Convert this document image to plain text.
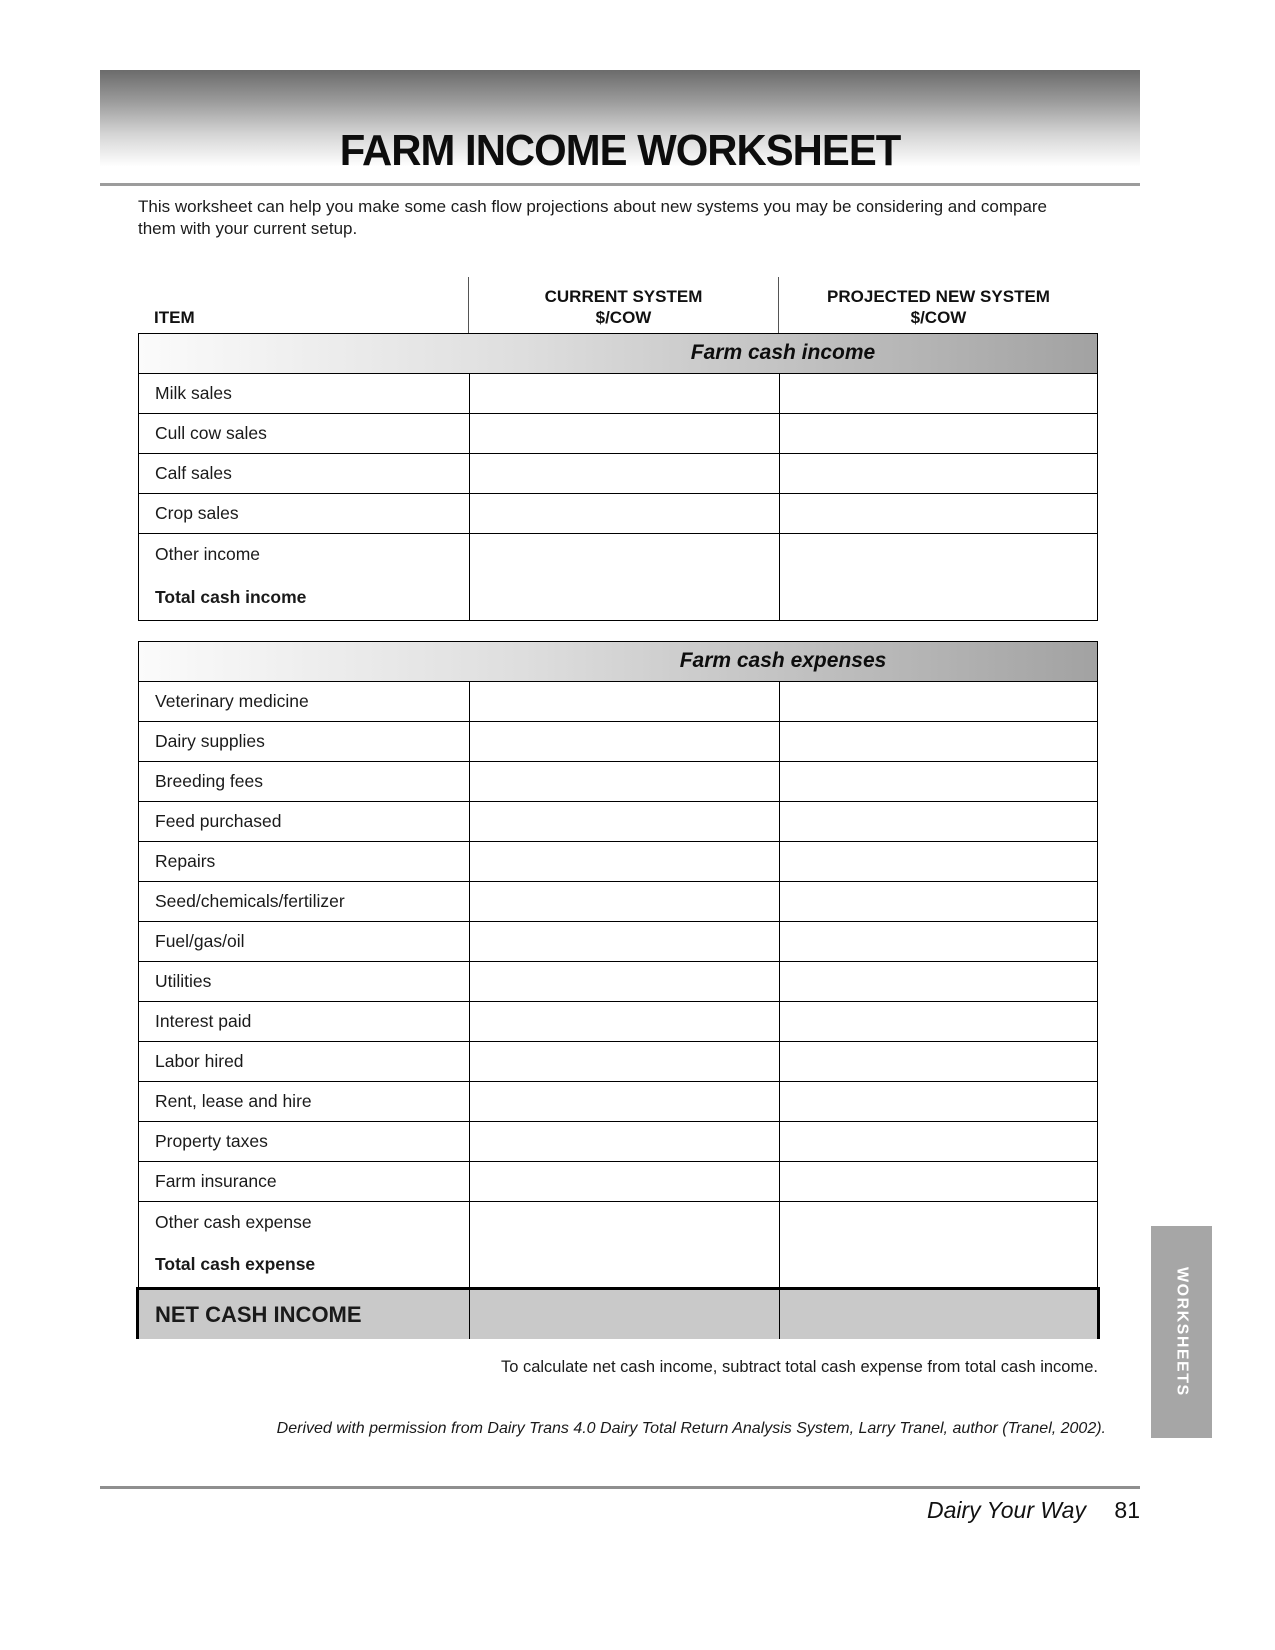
FARM INCOME WORKSHEET

This worksheet can help you make some cash flow projections about new systems you may be considering and compare them with your current setup.

ITEM
CURRENT SYSTEM
$/COW
PROJECTED NEW SYSTEM
$/COW
Farm cash income
Milk sales
Cull cow sales
Calf sales
Crop sales
Other income
Total cash income
Farm cash expenses
Veterinary medicine
Dairy supplies
Breeding fees
Feed purchased
Repairs
Seed/chemicals/fertilizer
Fuel/gas/oil
Utilities
Interest paid
Labor hired
Rent, lease and hire
Property taxes
Farm insurance
Other cash expense
Total cash expense
NET CASH INCOME

To calculate net cash income, subtract total cash expense from total cash income.

Derived with permission from Dairy Trans 4.0 Dairy Total Return Analysis System, Larry Tranel, author (Tranel, 2002).

Dairy Your Way 81
WORKSHEETS
